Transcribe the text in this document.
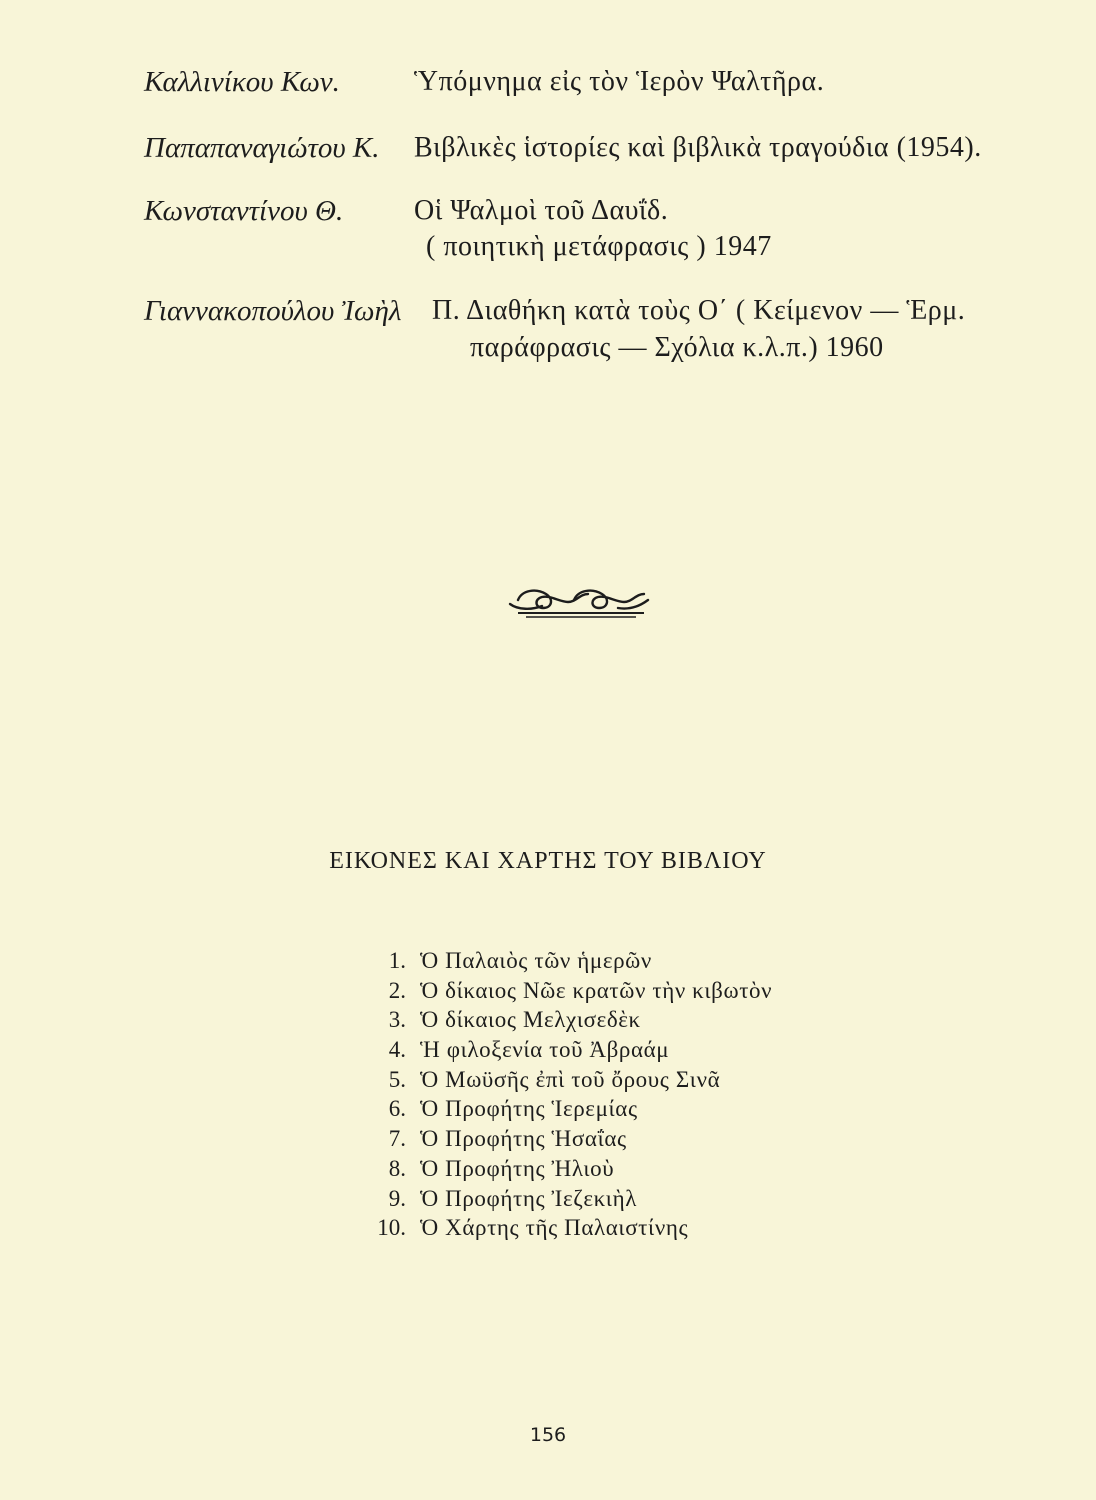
Καλλινίκου Κων.	Ὑπόμνημα εἰς τὸν Ἱερὸν Ψαλτῆρα.
Παπαπαναγιώτου Κ. Βιβλικὲς ἱστορίες καὶ βιβλικὰ τραγούδια (1954).
Κωνσταντίνου Θ.	Οἱ Ψαλμοὶ τοῦ Δαυΐδ.
( ποιητικὴ μετάφρασις ) 1947
Γιαννακοπούλου Ἰωὴλ Π. Διαθήκη κατὰ τοὺς Ο΄ ( Κείμενον — Ἑρμ.
παράφρασις — Σχόλια κ.λ.π.) 1960
ΕΙΚΟΝΕΣ ΚΑΙ ΧΑΡΤΗΣ ΤΟΥ ΒΙΒΛΙΟΥ
1. Ὁ Παλαιὸς τῶν ἡμερῶν
2. Ὁ δίκαιος Νῶε κρατῶν τὴν κιβωτὸν
3. Ὁ δίκαιος Μελχισεδὲκ
4. Ἡ φιλοξενία τοῦ Ἀβραάμ
5. Ὁ Μωϋσῆς ἐπὶ τοῦ ὄρους Σινᾶ
6. Ὁ Προφήτης Ἱερεμίας
7. Ὁ Προφήτης Ἡσαΐας
8. Ὁ Προφήτης Ἠλιοὺ
9. Ὁ Προφήτης Ἰεζεκιὴλ
10. Ὁ Χάρτης τῆς Παλαιστίνης
156
